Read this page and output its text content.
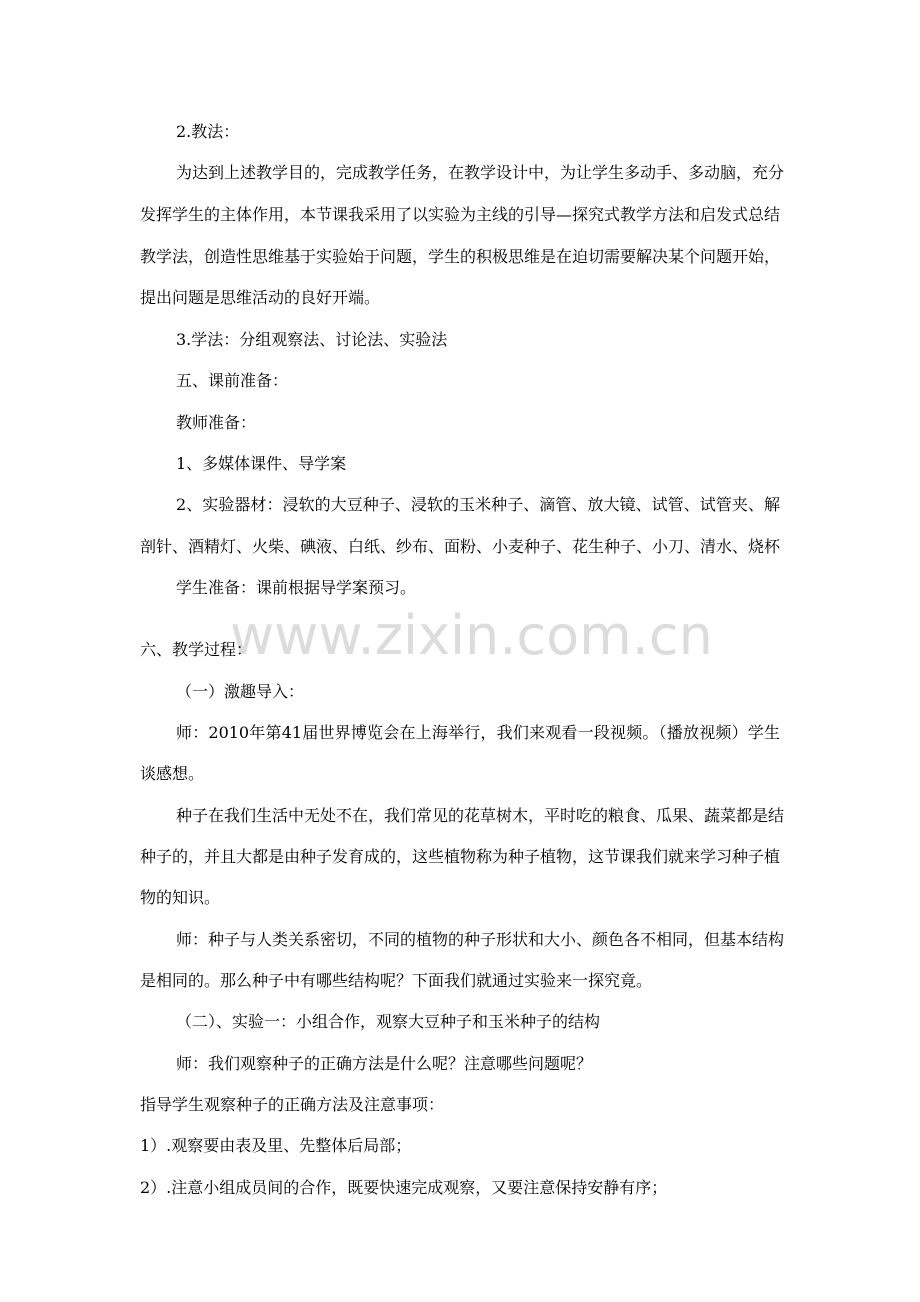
www.zixin.com.cn
2.教法：
为达到上述教学目的，完成教学任务，在教学设计中，为让学生多动手、多动脑，充分
发挥学生的主体作用，本节课我采用了以实验为主线的引导—探究式教学方法和启发式总结
教学法，创造性思维基于实验始于问题，学生的积极思维是在迫切需要解决某个问题开始，
提出问题是思维活动的良好开端。
3.学法：分组观察法、讨论法、实验法
五、课前准备：
教师准备：
1、多媒体课件、导学案
2、实验器材：浸软的大豆种子、浸软的玉米种子、滴管、放大镜、试管、试管夹、解
剖针、酒精灯、火柴、碘液、白纸、纱布、面粉、小麦种子、花生种子、小刀、清水、烧杯
学生准备：课前根据导学案预习。
六、教学过程：
（一）激趣导入：
师：2010年第41届世界博览会在上海举行，我们来观看一段视频。（播放视频）学生
谈感想。
种子在我们生活中无处不在，我们常见的花草树木，平时吃的粮食、瓜果、蔬菜都是结
种子的，并且大都是由种子发育成的，这些植物称为种子植物，这节课我们就来学习种子植
物的知识。
师：种子与人类关系密切，不同的植物的种子形状和大小、颜色各不相同，但基本结构
是相同的。那么种子中有哪些结构呢？下面我们就通过实验来一探究竟。
（二）、实验一：小组合作，观察大豆种子和玉米种子的结构
师：我们观察种子的正确方法是什么呢？注意哪些问题呢？
指导学生观察种子的正确方法及注意事项：
1）.观察要由表及里、先整体后局部；
2）.注意小组成员间的合作，既要快速完成观察，又要注意保持安静有序；
